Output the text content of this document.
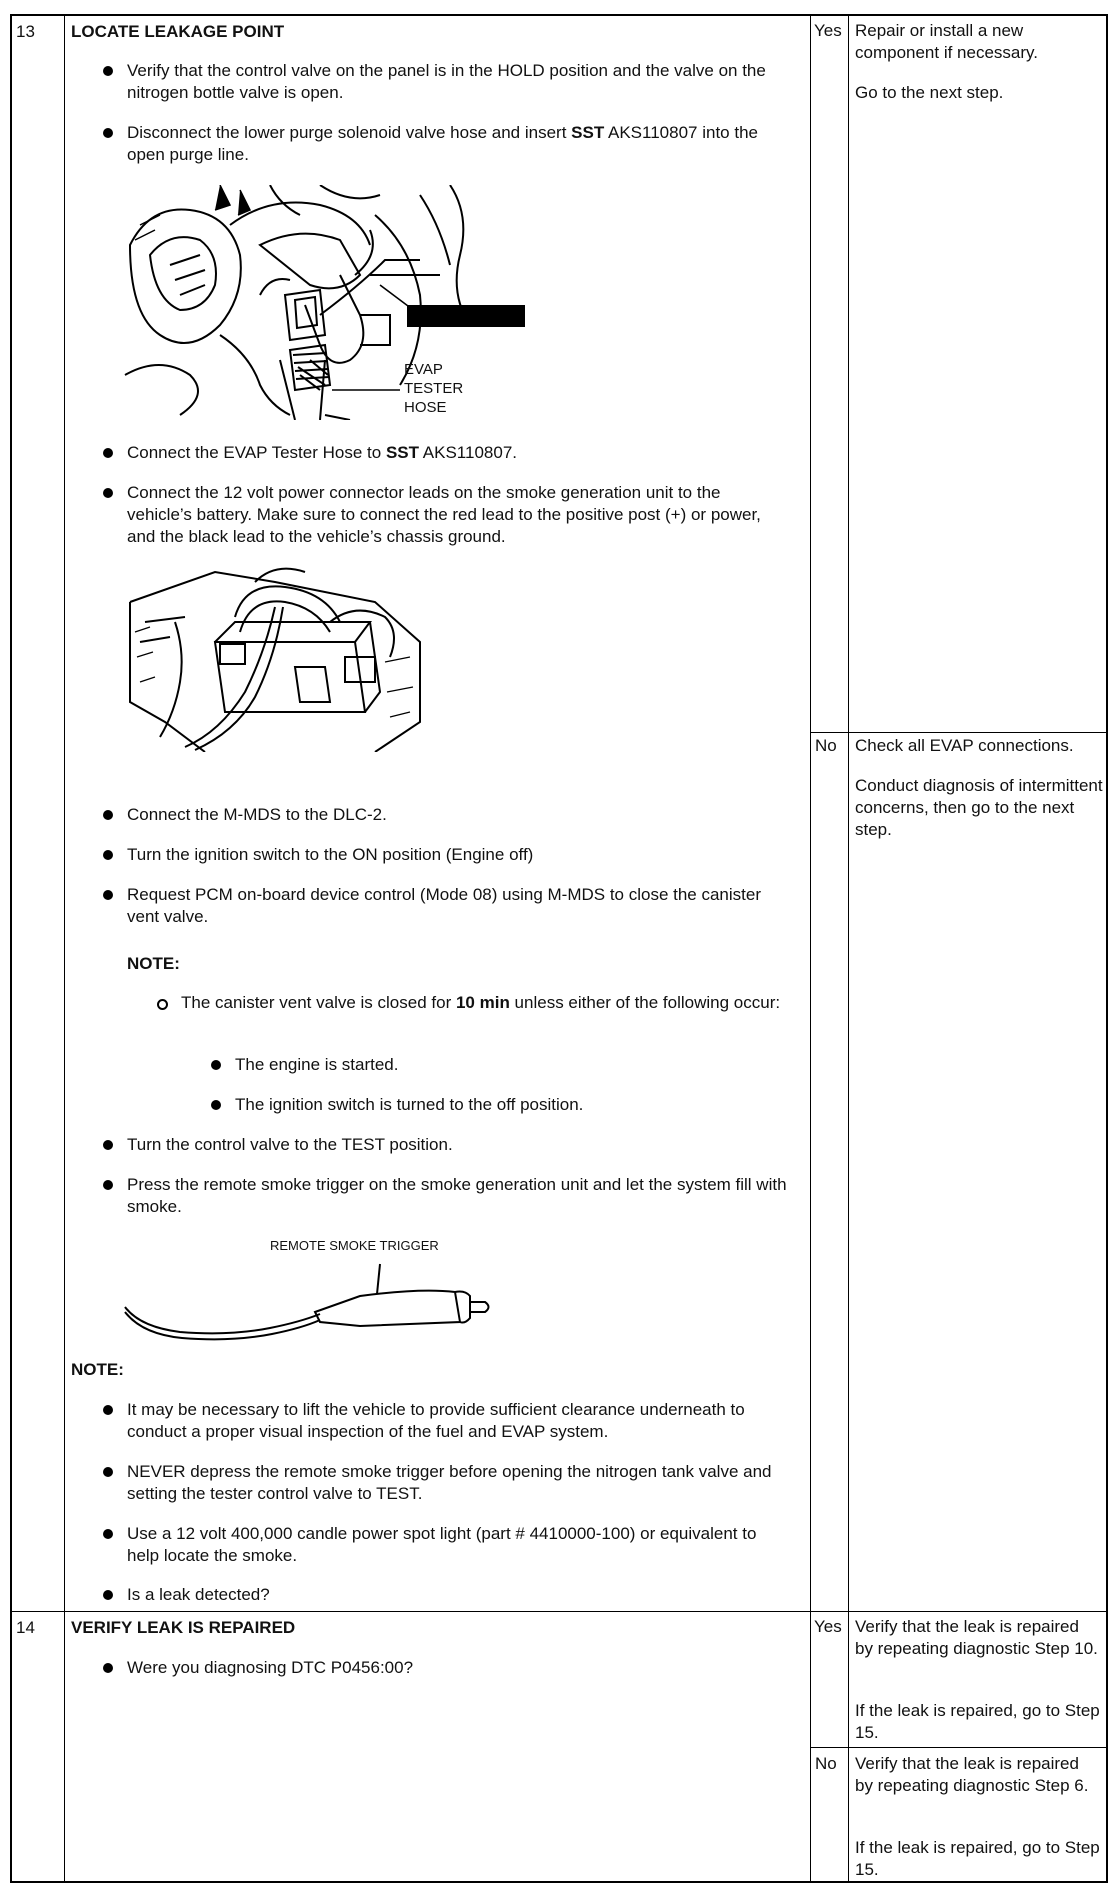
13 LOCATE LEAKAGE POINT
Verify that the control valve on the panel is in the HOLD position and the valve on the nitrogen bottle valve is open.
Disconnect the lower purge solenoid valve hose and insert SST AKS110807 into the open purge line.
EVAP TESTER HOSE
Connect the EVAP Tester Hose to SST AKS110807.
Connect the 12 volt power connector leads on the smoke generation unit to the vehicle’s battery. Make sure to connect the red lead to the positive post (+) or power, and the black lead to the vehicle’s chassis ground.
Connect the M-MDS to the DLC-2.
Turn the ignition switch to the ON position (Engine off)
Request PCM on-board device control (Mode 08) using M-MDS to close the canister vent valve.
NOTE:
The canister vent valve is closed for 10 min unless either of the following occur:
The engine is started.
The ignition switch is turned to the off position.
Turn the control valve to the TEST position.
Press the remote smoke trigger on the smoke generation unit and let the system fill with smoke.
REMOTE SMOKE TRIGGER
NOTE:
It may be necessary to lift the vehicle to provide sufficient clearance underneath to conduct a proper visual inspection of the fuel and EVAP system.
NEVER depress the remote smoke trigger before opening the nitrogen tank valve and setting the tester control valve to TEST.
Use a 12 volt 400,000 candle power spot light (part # 4410000-100) or equivalent to help locate the smoke.
Is a leak detected?
Yes Repair or install a new component if necessary.
Go to the next step.
No Check all EVAP connections.
Conduct diagnosis of intermittent concerns, then go to the next step.
14 VERIFY LEAK IS REPAIRED
Were you diagnosing DTC P0456:00?
Yes Verify that the leak is repaired by repeating diagnostic Step 10.
If the leak is repaired, go to Step 15.
No Verify that the leak is repaired by repeating diagnostic Step 6.
If the leak is repaired, go to Step 15.
